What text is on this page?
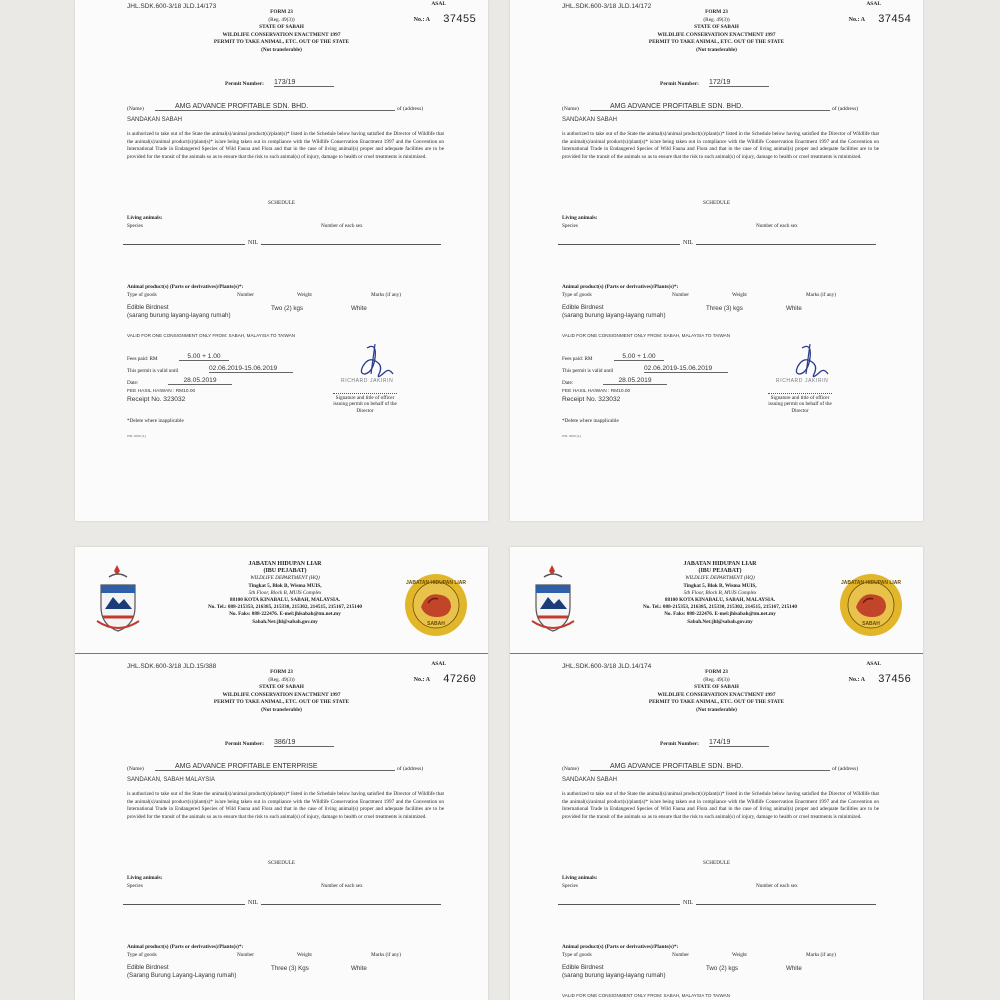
JHL.SDK.600-3/18 JLD.14/173	ASAL
FORM 23
(Reg. 49(3))
STATE OF SABAH
WILDLIFE CONSERVATION ENACTMENT 1997
PERMIT TO TAKE ANIMAL, ETC. OUT OF THE STATE
(Not transferable)
No.: A 37455
Permit Number: 173/19
(Name)	AMG ADVANCE PROFITABLE SDN. BHD.	of (address)
SANDAKAN SABAH
is authorized to take out of the State the animal(s)/animal product(s)/plant(s)* listed in the Schedule below having satisfied the Director of Wildlife that the animal(s)/animal product(s)/plant(s)* is/are being taken out in compliance with the Wildlife Conservation Enactment 1997 and the Convention on International Trade in Endangered Species of Wild Fauna and Flora and that in the case of living animal(s) proper and adequate facilities are to be provided for the transit of the animals so as to ensure that the risk to such animal(s) of injury, damage to health or cruel treatments is minimized.
SCHEDULE
Living animals:
Species	Number of each sex
NIL
Animal product(s) (Parts or derivatives)/Plants(s)*:
Type of goods	Number	Weight	Marks (if any)
Edible Birdnest
(sarang burung layang-layang rumah)
Two (2) kgs	White
VALID FOR ONE CONSIGNMENT ONLY FROM: SABAH, MALAYSIA TO TAIWAN
Fees paid: RM	5.00 + 1.00
This permit is valid until	02.06.2019-15.06.2019
Date:	28.05.2019
FEE HASIL HAIWAN : RM10.00
Receipt No. 323032
RICHARD JAKIRIN
Signature and title of officer issuing permit on behalf of the Director
*Delete where inapplicable
JHL 2006 (L)
JHL.SDK.600-3/18 JLD.14/172	ASAL
FORM 23
(Reg. 49(3))
STATE OF SABAH
WILDLIFE CONSERVATION ENACTMENT 1997
PERMIT TO TAKE ANIMAL, ETC. OUT OF THE STATE
(Not transferable)
No.: A 37454
Permit Number: 172/19
(Name)	AMG ADVANCE PROFITABLE SDN. BHD.	of (address)
SANDAKAN SABAH
is authorized to take out of the State the animal(s)/animal product(s)/plant(s)* listed in the Schedule below having satisfied the Director of Wildlife that the animal(s)/animal product(s)/plant(s)* is/are being taken out in compliance with the Wildlife Conservation Enactment 1997 and the Convention on International Trade in Endangered Species of Wild Fauna and Flora and that in the case of living animal(s) proper and adequate facilities are to be provided for the transit of the animals so as to ensure that the risk to such animal(s) of injury, damage to health or cruel treatments is minimized.
SCHEDULE
Living animals:
Species	Number of each sex
NIL
Animal product(s) (Parts or derivatives)/Plants(s)*:
Type of goods	Number	Weight	Marks (if any)
Edible Birdnest
(sarang burung layang-layang rumah)
Three (3) kgs	White
VALID FOR ONE CONSIGNMENT ONLY FROM: SABAH, MALAYSIA TO TAIWAN
Fees paid: RM	5.00 + 1.00
This permit is valid until	02.06.2019-15.06.2019
Date:	28.05.2019
FEE HASIL HAIWAN : RM10.00
Receipt No. 323032
RICHARD JAKIRIN
Signature and title of officer issuing permit on behalf of the Director
*Delete where inapplicable
JHL 2006 (L)
JABATAN HIDUPAN LIAR
(IBU PEJABAT)
WILDLIFE DEPARTMENT (HQ)
Tingkat 5, Blok B, Wisma MUIS,
5th Floor, Block B, MUIS Complex
88100 KOTA KINABALU, SABAH, MALAYSIA.
No. Tel.: 088-215353, 216385, 215330, 215302, 214515, 215167, 215140
No. Faks: 088-222476. E-mel:jhlsabah@tm.net.my
Sabah.Net:jhl@sabah.gov.my
JABATAN HIDUPAN LIAR
SABAH
JHL.SDK.600-3/18 JLD.15/388	ASAL
FORM 23
(Reg. 49(3))
STATE OF SABAH
WILDLIFE CONSERVATION ENACTMENT 1997
PERMIT TO TAKE ANIMAL, ETC. OUT OF THE STATE
(Not transferable)
No.: A 47260
Permit Number: 386/19
(Name)	AMG ADVANCE PROFITABLE ENTERPRISE	of (address)
SANDAKAN, SABAH MALAYSIA
is authorized to take out of the State the animal(s)/animal product(s)/plant(s)* listed in the Schedule below having satisfied the Director of Wildlife that the animal(s)/animal product(s)/plant(s)* is/are being taken out in compliance with the Wildlife Conservation Enactment 1997 and the Convention on International Trade in Endangered Species of Wild Fauna and Flora and that in the case of living animal(s) proper and adequate facilities are to be provided for the transit of the animals so as to ensure that the risk to such animal(s) of injury, damage to health or cruel treatments is minimized.
SCHEDULE
Living animals:
Species	Number of each sex
NIL
Animal product(s) (Parts or derivatives)/Plants(s)*:
Type of goods	Number	Weight	Marks (if any)
Edible Birdnest
(Sarang Burung Layang-Layang rumah)
Three (3) Kgs	White
JABATAN HIDUPAN LIAR
(IBU PEJABAT)
WILDLIFE DEPARTMENT (HQ)
Tingkat 5, Blok B, Wisma MUIS,
5th Floor, Block B, MUIS Complex
88100 KOTA KINABALU, SABAH, MALAYSIA.
No. Tel.: 088-215353, 216385, 215330, 215302, 214515, 215167, 215140
No. Faks: 088-222476. E-mel:jhlsabah@tm.net.my
Sabah.Net:jhl@sabah.gov.my
JABATAN HIDUPAN LIAR
SABAH
JHL.SDK.600-3/18 JLD.14/174	ASAL
FORM 23
(Reg. 49(3))
STATE OF SABAH
WILDLIFE CONSERVATION ENACTMENT 1997
PERMIT TO TAKE ANIMAL, ETC. OUT OF THE STATE
(Not transferable)
No.: A 37456
Permit Number: 174/19
(Name)	AMG ADVANCE PROFITABLE SDN. BHD.	of (address)
SANDAKAN SABAH
is authorized to take out of the State the animal(s)/animal product(s)/plant(s)* listed in the Schedule below having satisfied the Director of Wildlife that the animal(s)/animal product(s)/plant(s)* is/are being taken out in compliance with the Wildlife Conservation Enactment 1997 and the Convention on International Trade in Endangered Species of Wild Fauna and Flora and that in the case of living animal(s) proper and adequate facilities are to be provided for the transit of the animals so as to ensure that the risk to such animal(s) of injury, damage to health or cruel treatments is minimized.
SCHEDULE
Living animals:
Species	Number of each sex
NIL
Animal product(s) (Parts or derivatives)/Plants(s)*:
Type of goods	Number	Weight	Marks (if any)
Edible Birdnest
(sarang burung layang-layang rumah)
Two (2) kgs	White
VALID FOR ONE CONSIGNMENT ONLY FROM: SABAH, MALAYSIA TO TAIWAN
